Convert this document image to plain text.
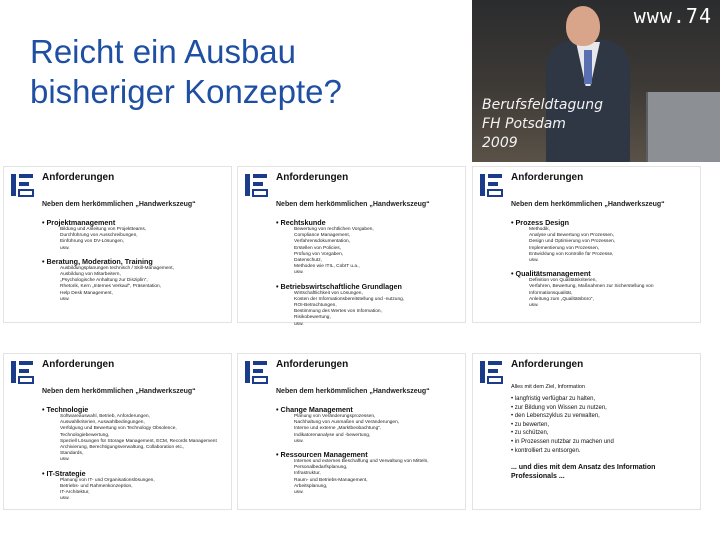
Reicht ein Ausbau bisheriger Konzepte?
www.74
Berufsfeldtagung
FH Potsdam
2009
Anforderungen
Neben dem herkömmlichen „Handwerkszeug“
• Projektmanagement
Bildung und Anleitung von Projektteams,
Durchführung von Ausschreibungen,
Einführung von DV-Lösungen,
usw.
• Beratung, Moderation, Training
Ausbildungsplanungen technisch / Skill-Management,
Ausbildung von Mitarbeitern,
„Psychologische Anhaltung zur Disziplin“,
Rhetorik, Kern „Internes Verkauf“, Präsentation,
Help Desk Management,
usw.
Anforderungen
Neben dem herkömmlichen „Handwerkszeug“
• Rechtskunde
Bewertung von rechtlichen Vorgaben,
Compliance Management,
Verfahrensdokumentation,
Erstellen von Policies,
Prüfung von Vorgaben,
Datenschutz,
Methoden wie ITIL, CobIT u.a.,
usw.
• Betriebswirtschaftliche Grundlagen
Wirtschaftlichkeit von Lösungen,
Kosten der Informationsbereitstellung und -nutzung,
ROI-Betrachtungen,
Bestimmung des Wertes von Information,
Risikobewertung,
usw.
Anforderungen
Neben dem herkömmlichen „Handwerkszeug“
• Prozess Design
Methodik,
Analyse und Bewertung von Prozessen,
Design und Optimierung von Prozessen,
Implementierung von Prozessen,
Entwicklung von Kontrolle für Prozesse,
usw.
• Qualitätsmanagement
Definition von Qualitätskriterien,
Verfahren, Bewertung, Maßnahmen zur Sicherstellung von Informationsqualität,
Anleitung zum „Qualitätsbüro“,
usw.
Anforderungen
Neben dem herkömmlichen „Handwerkszeug“
• Technologie
Softwareauswahl, Betrieb, Anforderungen,
Auswahlkriterien, Auswahlbedingungen,
Verfolgung und Bewertung von Technology Obsolence,
Technologiebewertung,
Speziell Lösungen für Storage Management, ECM, Records Management Archivierung, Berechtigungsverwaltung, Collaboration etc.,
Standards,
usw.
• IT-Strategie
Planung von IT- und Organisationslösungen,
Betriebs- und Rahmenkonzeption,
IT-Architektur,
usw.
Anforderungen
Neben dem herkömmlichen „Handwerkszeug“
• Change Management
Planung von Veränderungsprozessen,
Nachhaltung von Ausmaßen und Veränderungen,
Interne und externe „Marktbeobachtung“,
Indikatorenanalyse und -bewertung,
usw.
• Ressourcen Management
Internes und externes Beschaffung und Verwaltung von Mitteln,
Personalbedarfsplanung,
Infrastruktur,
Raum- und Betriebs-Management,
Arbeitsplanung,
usw.
Anforderungen
Alles mit dem Ziel, Information
• langfristig verfügbar zu halten,
• zur Bildung von Wissen zu nutzen,
• den Lebenszyklus zu verwalten,
• zu bewerten,
• zu schützen,
• in Prozessen nutzbar zu machen und
• kontrolliert zu entsorgen.
... und dies mit dem Ansatz des Information Professionals ...
